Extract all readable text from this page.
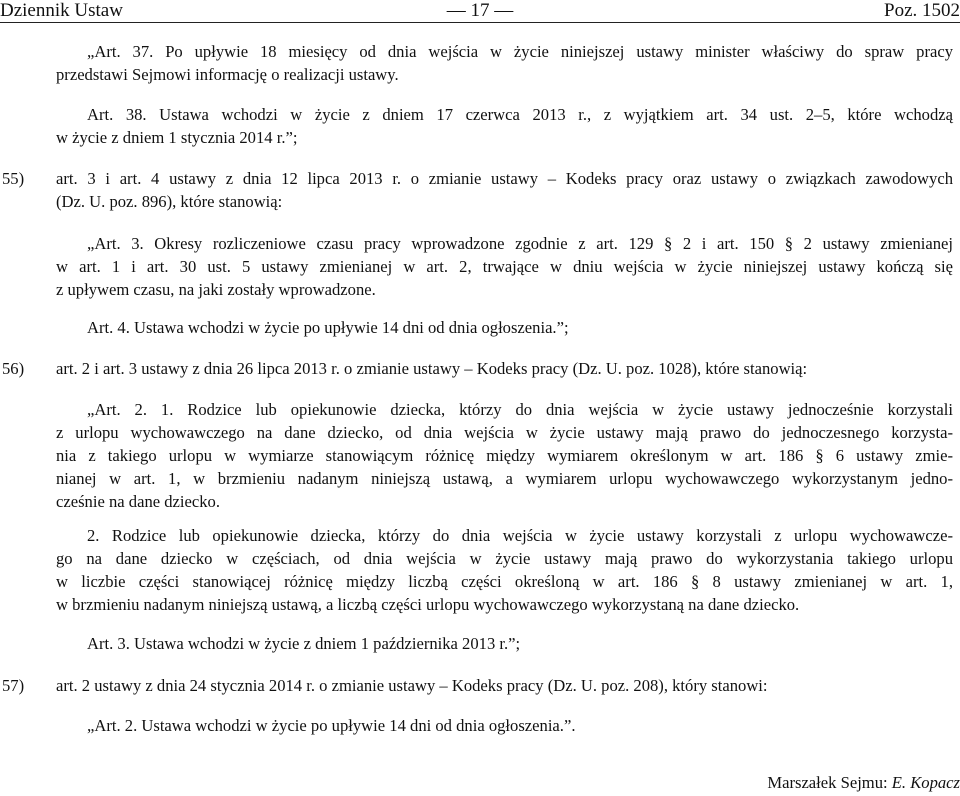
Dziennik Ustaw	— 17 —	Poz. 1502
„Art. 37. Po upływie 18 miesięcy od dnia wejścia w życie niniejszej ustawy minister właściwy do spraw pracy
przedstawi Sejmowi informację o realizacji ustawy.
Art. 38. Ustawa wchodzi w życie z dniem 17 czerwca 2013 r., z wyjątkiem art. 34 ust. 2–5, które wchodzą
w życie z dniem 1 stycznia 2014 r.”;
55) art. 3 i art. 4 ustawy z dnia 12 lipca 2013 r. o zmianie ustawy – Kodeks pracy oraz ustawy o związkach zawodowych
(Dz. U. poz. 896), które stanowią:
„Art. 3. Okresy rozliczeniowe czasu pracy wprowadzone zgodnie z art. 129 § 2 i art. 150 § 2 ustawy zmienianej
w art. 1 i art. 30 ust. 5 ustawy zmienianej w art. 2, trwające w dniu wejścia w życie niniejszej ustawy kończą się
z upływem czasu, na jaki zostały wprowadzone.
Art. 4. Ustawa wchodzi w życie po upływie 14 dni od dnia ogłoszenia.”;
56) art. 2 i art. 3 ustawy z dnia 26 lipca 2013 r. o zmianie ustawy – Kodeks pracy (Dz. U. poz. 1028), które stanowią:
„Art. 2. 1. Rodzice lub opiekunowie dziecka, którzy do dnia wejścia w życie ustawy jednocześnie korzystali
z urlopu wychowawczego na dane dziecko, od dnia wejścia w życie ustawy mają prawo do jednoczesnego korzysta-
nia z takiego urlopu w wymiarze stanowiącym różnicę między wymiarem określonym w art. 186 § 6 ustawy zmie-
nianej w art. 1, w brzmieniu nadanym niniejszą ustawą, a wymiarem urlopu wychowawczego wykorzystanym jedno-
cześnie na dane dziecko.
2. Rodzice lub opiekunowie dziecka, którzy do dnia wejścia w życie ustawy korzystali z urlopu wychowawcze-
go na dane dziecko w częściach, od dnia wejścia w życie ustawy mają prawo do wykorzystania takiego urlopu
w liczbie części stanowiącej różnicę między liczbą części określoną w art. 186 § 8 ustawy zmienianej w art. 1,
w brzmieniu nadanym niniejszą ustawą, a liczbą części urlopu wychowawczego wykorzystaną na dane dziecko.
Art. 3. Ustawa wchodzi w życie z dniem 1 października 2013 r.”;
57) art. 2 ustawy z dnia 24 stycznia 2014 r. o zmianie ustawy – Kodeks pracy (Dz. U. poz. 208), który stanowi:
„Art. 2. Ustawa wchodzi w życie po upływie 14 dni od dnia ogłoszenia.”.
Marszałek Sejmu: E. Kopacz
